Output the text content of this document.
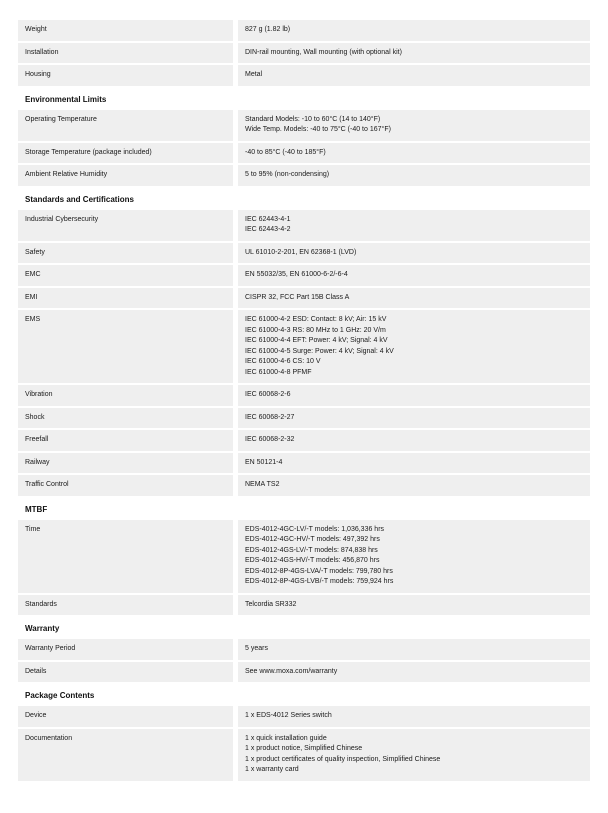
Weight	827 g (1.82 lb)
Installation	DIN-rail mounting, Wall mounting (with optional kit)
Housing	Metal
Environmental Limits
Operating Temperature	Standard Models: -10 to 60°C (14 to 140°F)
Wide Temp. Models: -40 to 75°C (-40 to 167°F)
Storage Temperature (package included)	-40 to 85°C (-40 to 185°F)
Ambient Relative Humidity	5 to 95% (non-condensing)
Standards and Certifications
Industrial Cybersecurity	IEC 62443-4-1
IEC 62443-4-2
Safety	UL 61010-2-201, EN 62368-1 (LVD)
EMC	EN 55032/35, EN 61000-6-2/-6-4
EMI	CISPR 32, FCC Part 15B Class A
EMS	IEC 61000-4-2 ESD: Contact: 8 kV; Air: 15 kV
IEC 61000-4-3 RS: 80 MHz to 1 GHz: 20 V/m
IEC 61000-4-4 EFT: Power: 4 kV; Signal: 4 kV
IEC 61000-4-5 Surge: Power: 4 kV; Signal: 4 kV
IEC 61000-4-6 CS: 10 V
IEC 61000-4-8 PFMF
Vibration	IEC 60068-2-6
Shock	IEC 60068-2-27
Freefall	IEC 60068-2-32
Railway	EN 50121-4
Traffic Control	NEMA TS2
MTBF
Time	EDS-4012-4GC-LV/-T models: 1,036,336 hrs
EDS-4012-4GC-HV/-T models: 497,392 hrs
EDS-4012-4GS-LV/-T models: 874,838 hrs
EDS-4012-4GS-HV/-T models: 456,870 hrs
EDS-4012-8P-4GS-LVA/-T models: 799,780 hrs
EDS-4012-8P-4GS-LVB/-T models: 759,924 hrs
Standards	Telcordia SR332
Warranty
Warranty Period	5 years
Details	See www.moxa.com/warranty
Package Contents
Device	1 x EDS-4012 Series switch
Documentation	1 x quick installation guide
1 x product notice, Simplified Chinese
1 x product certificates of quality inspection, Simplified Chinese
1 x warranty card
